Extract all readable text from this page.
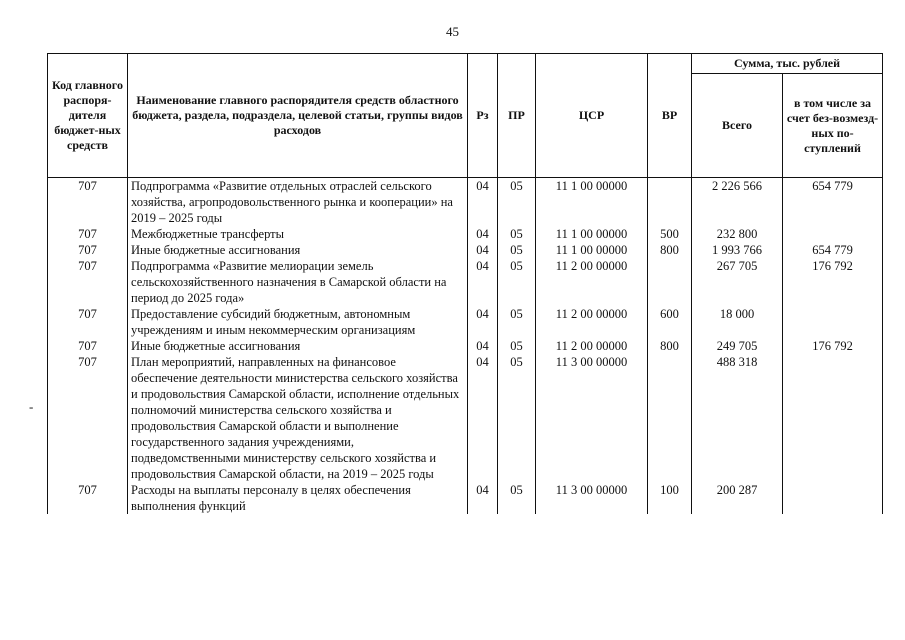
45
-
Код главного распоря-дителя бюджет-ных средств	Наименование главного распорядителя средств областного бюджета, раздела, подраздела, целевой статьи, группы видов расходов	Рз	ПР	ЦСР	ВР	Сумма, тыс. рублей	
						Всего	в том числе за счет без-возмезд-ных по-ступлений
707	Подпрограмма «Развитие отдельных отраслей сельского хозяйства, агропродовольственного рынка и кооперации» на 2019 – 2025 годы	04	05	11 1 00 00000		2 226 566	654 779
707	Межбюджетные трансферты	04	05	11 1 00 00000	500	232 800	
707	Иные бюджетные ассигнования	04	05	11 1 00 00000	800	1 993 766	654 779
707	Подпрограмма «Развитие мелиорации земель сельскохозяйственного назначения в Самарской области на период до 2025 года»	04	05	11 2 00 00000		267 705	176 792
707	Предоставление субсидий бюджетным, автономным учреждениям и иным некоммерческим организациям	04	05	11 2 00 00000	600	18 000	
707	Иные бюджетные ассигнования	04	05	11 2 00 00000	800	249 705	176 792
707	План мероприятий, направленных на финансовое обеспечение деятельности министерства сельского хозяйства и продовольствия Самарской области, исполнение отдельных полномочий министерства сельского хозяйства и продовольствия Самарской области и выполнение государственного задания учреждениями, подведомственными министерству сельского хозяйства и продовольствия Самарской области, на 2019 – 2025 годы	04	05	11 3 00 00000		488 318	
707	Расходы на выплаты персоналу в целях обеспечения выполнения функций	04	05	11 3 00 00000	100	200 287	
